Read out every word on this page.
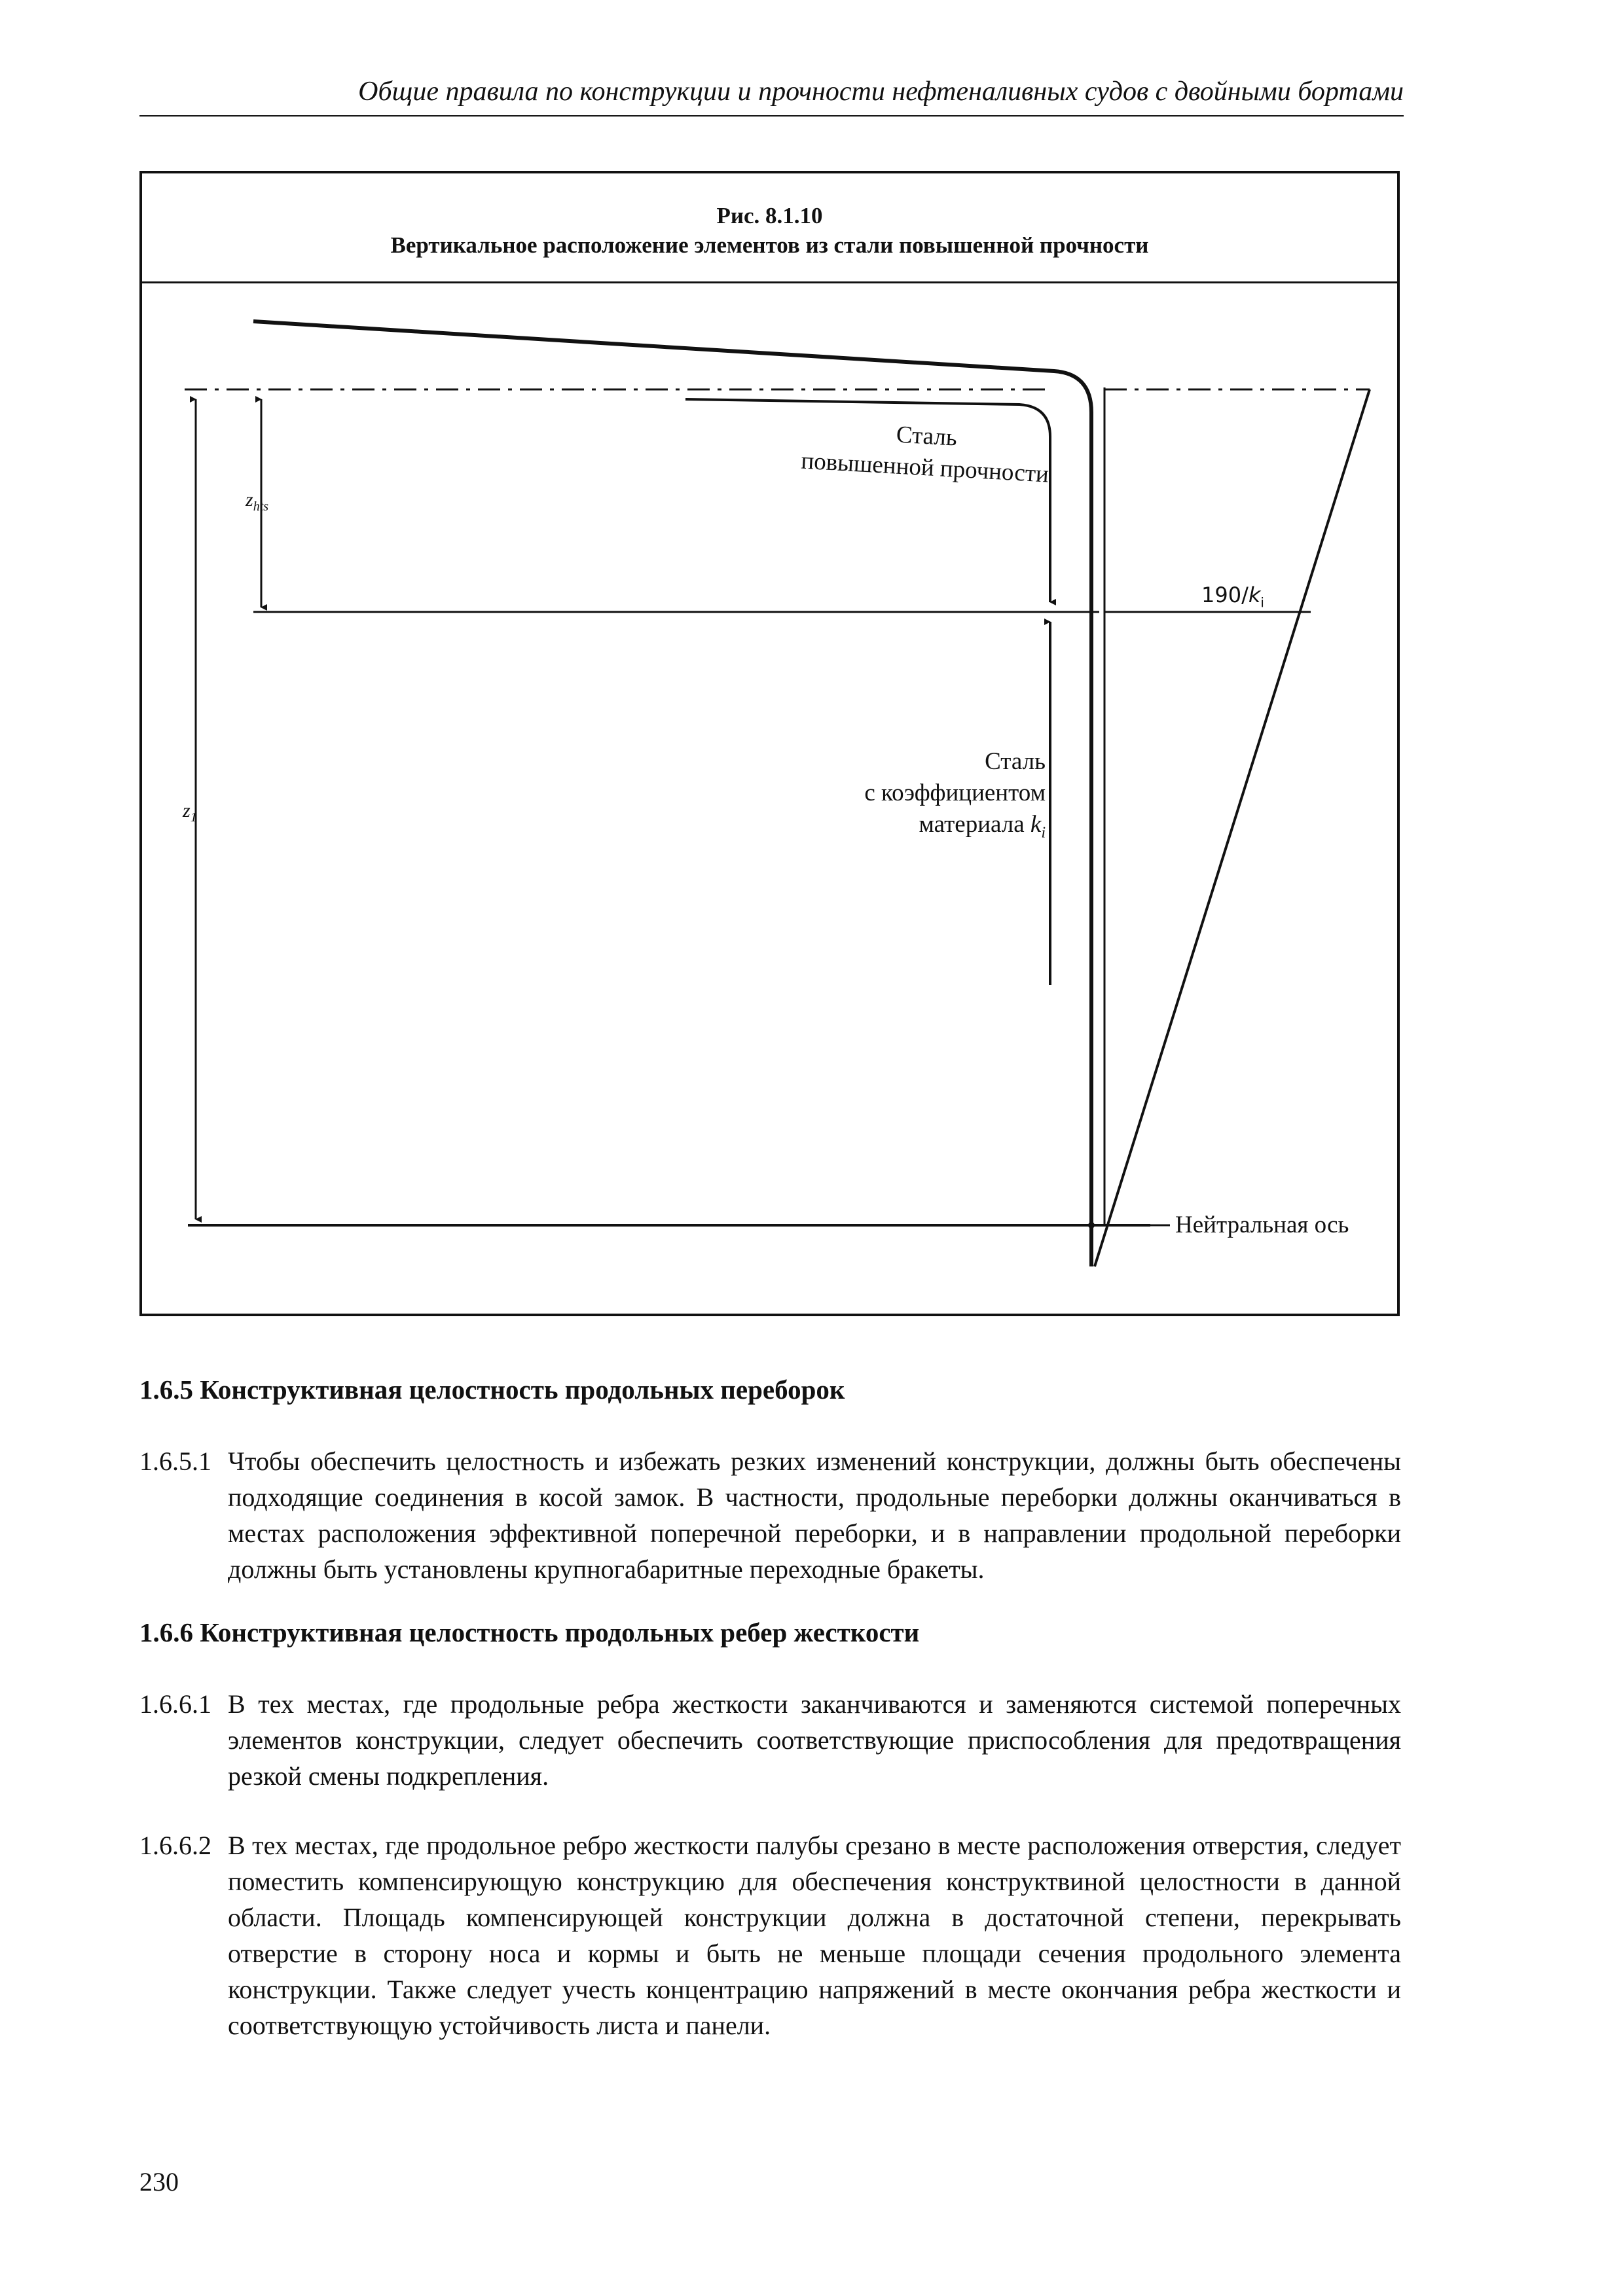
Общие правила по конструкции и прочности нефтеналивных судов с двойными бортами
Рис. 8.1.10
Вертикальное расположение элементов из стали повышенной прочности
Сталь
повышенной прочности
Сталь
с коэффициентом
материала $k_i$
$z_{hts}$
$z_1$
$190/k_i$
Нейтральная ось
1.6.5 Конструктивная целостность продольных переборок
1.6.5.1 Чтобы обеспечить целостность и избежать резких изменений конструкции, должны быть обеспечены подходящие соединения в косой замок. В частности, продольные переборки должны оканчиваться в местах расположения эффективной поперечной переборки, и в направлении продольной переборки должны быть установлены крупногабаритные переходные бракеты.
1.6.6 Конструктивная целостность продольных ребер жесткости
1.6.6.1 В тех местах, где продольные ребра жесткости заканчиваются и заменяются системой поперечных элементов конструкции, следует обеспечить соответствующие приспособления для предотвращения резкой смены подкрепления.
1.6.6.2 В тех местах, где продольное ребро жесткости палубы срезано в месте расположения отверстия, следует поместить компенсирующую конструкцию для обеспечения конструктвиной целостности в данной области. Площадь компенсирующей конструкции должна в достаточной степени, перекрывать отверстие в сторону носа и кормы и быть не меньше площади сечения продольного элемента конструкции. Также следует учесть концентрацию напряжений в месте окончания ребра жесткости и соответствующую устойчивость листа и панели.
230
